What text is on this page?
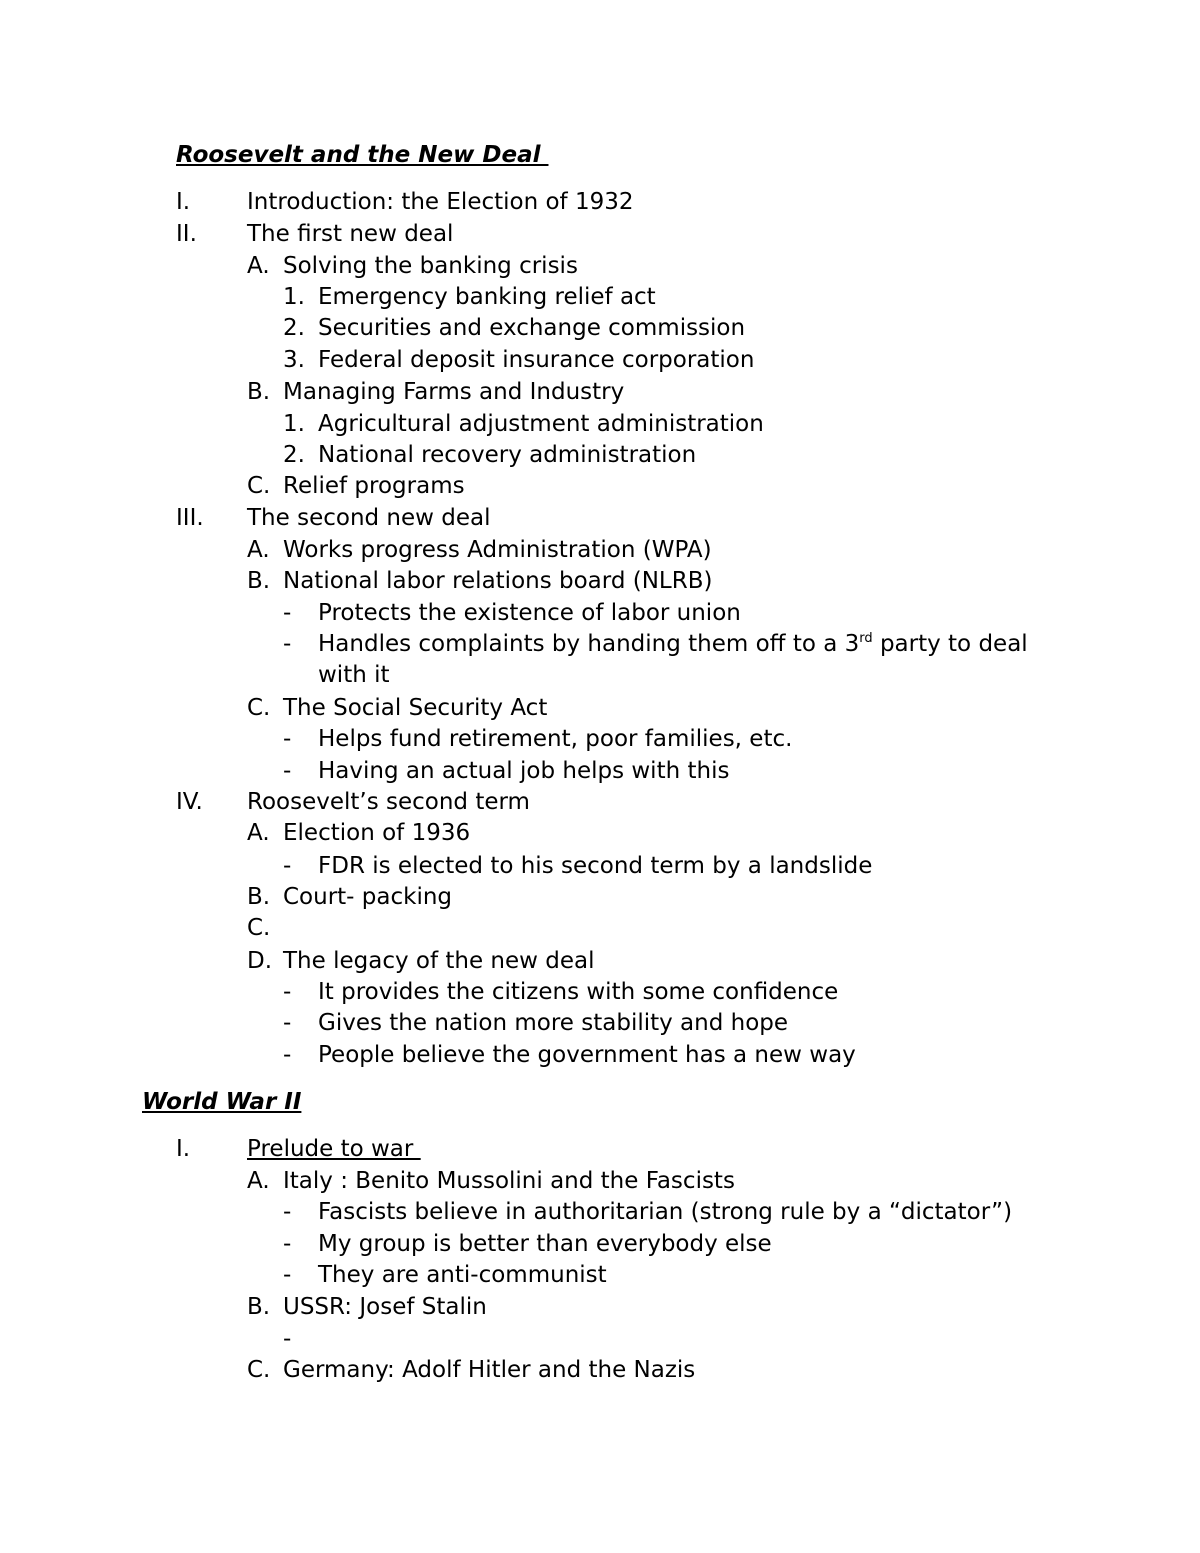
Roosevelt and the New Deal
I. Introduction: the Election of 1932
II. The first new deal
A. Solving the banking crisis
1. Emergency banking relief act
2. Securities and exchange commission
3. Federal deposit insurance corporation
B. Managing Farms and Industry
1. Agricultural adjustment administration
2. National recovery administration
C. Relief programs
III. The second new deal
A. Works progress Administration (WPA)
B. National labor relations board (NLRB)
- Protects the existence of labor union
- Handles complaints by handing them off to a 3rd party to deal
with it
C. The Social Security Act
- Helps fund retirement, poor families, etc.
- Having an actual job helps with this
IV. Roosevelt’s second term
A. Election of 1936
- FDR is elected to his second term by a landslide
B. Court- packing
C.
D. The legacy of the new deal
- It provides the citizens with some confidence
- Gives the nation more stability and hope
- People believe the government has a new way
World War II
I. Prelude to war
A. Italy : Benito Mussolini and the Fascists
- Fascists believe in authoritarian (strong rule by a “dictator”)
- My group is better than everybody else
- They are anti-communist
B. USSR: Josef Stalin
-
C. Germany: Adolf Hitler and the Nazis
